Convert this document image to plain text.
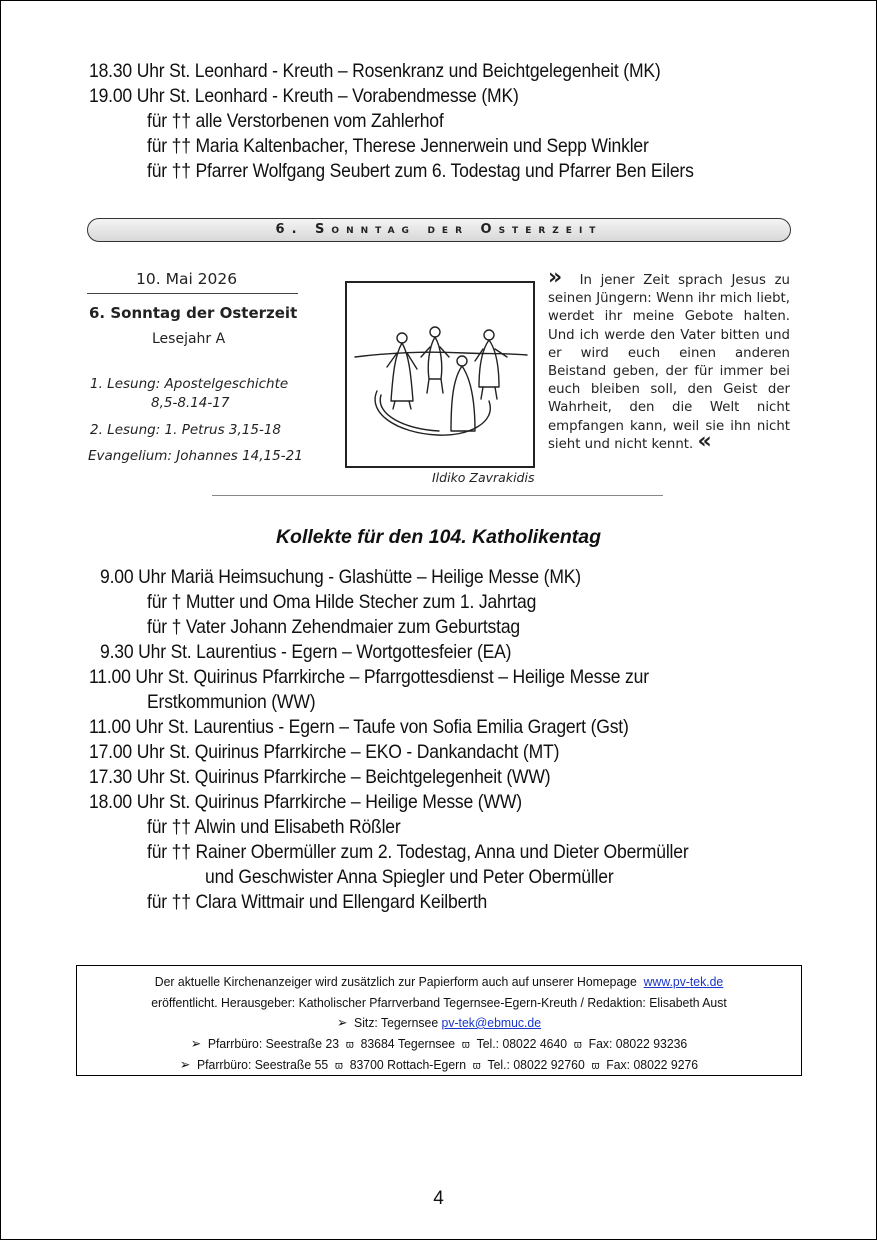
18.30 Uhr St. Leonhard - Kreuth – Rosenkranz und Beichtgelegenheit (MK)
19.00 Uhr St. Leonhard - Kreuth – Vorabendmesse (MK)
für †† alle Verstorbenen vom Zahlerhof
für †† Maria Kaltenbacher, Therese Jennerwein und Sepp Winkler
für †† Pfarrer Wolfgang Seubert zum 6. Todestag und Pfarrer Ben Eilers
6. Sonntag der Osterzeit
10. Mai 2026
6. Sonntag der Osterzeit
Lesejahr A
1. Lesung: Apostelgeschichte
8,5-8.14-17
2. Lesung: 1. Petrus 3,15-18
Evangelium: Johannes 14,15-21
Ildiko Zavrakidis
» In jener Zeit sprach Jesus zu seinen Jüngern: Wenn ihr mich liebt, werdet ihr meine Gebote halten. Und ich werde den Vater bitten und er wird euch einen anderen Beistand geben, der für immer bei euch bleiben soll, den Geist der Wahrheit, den die Welt nicht empfangen kann, weil sie ihn nicht sieht und nicht kennt. «
Kollekte für den 104. Katholikentag
9.00 Uhr Mariä Heimsuchung - Glashütte – Heilige Messe (MK)
für † Mutter und Oma Hilde Stecher zum 1. Jahrtag
für † Vater Johann Zehendmaier zum Geburtstag
9.30 Uhr St. Laurentius - Egern – Wortgottesfeier (EA)
11.00 Uhr St. Quirinus Pfarrkirche – Pfarrgottesdienst – Heilige Messe zur
Erstkommunion (WW)
11.00 Uhr St. Laurentius - Egern – Taufe von Sofia Emilia Gragert (Gst)
17.00 Uhr St. Quirinus Pfarrkirche – EKO - Dankandacht (MT)
17.30 Uhr St. Quirinus Pfarrkirche – Beichtgelegenheit (WW)
18.00 Uhr St. Quirinus Pfarrkirche – Heilige Messe (WW)
für †† Alwin und Elisabeth Rößler
für †† Rainer Obermüller zum 2. Todestag, Anna und Dieter Obermüller
und Geschwister Anna Spiegler und Peter Obermüller
für †† Clara Wittmair und Ellengard Keilberth
Der aktuelle Kirchenanzeiger wird zusätzlich zur Papierform auch auf unserer Homepage www.pv-tek.de
eröffentlicht. Herausgeber: Katholischer Pfarrverband Tegernsee-Egern-Kreuth / Redaktion: Elisabeth Aust
➢ Sitz: Tegernsee pv-tek@ebmuc.de
➢ Pfarrbüro: Seestraße 23 ϖ 83684 Tegernsee ϖ Tel.: 08022 4640 ϖ Fax: 08022 93236
➢ Pfarrbüro: Seestraße 55 ϖ 83700 Rottach-Egern ϖ Tel.: 08022 92760 ϖ Fax: 08022 9276
4
